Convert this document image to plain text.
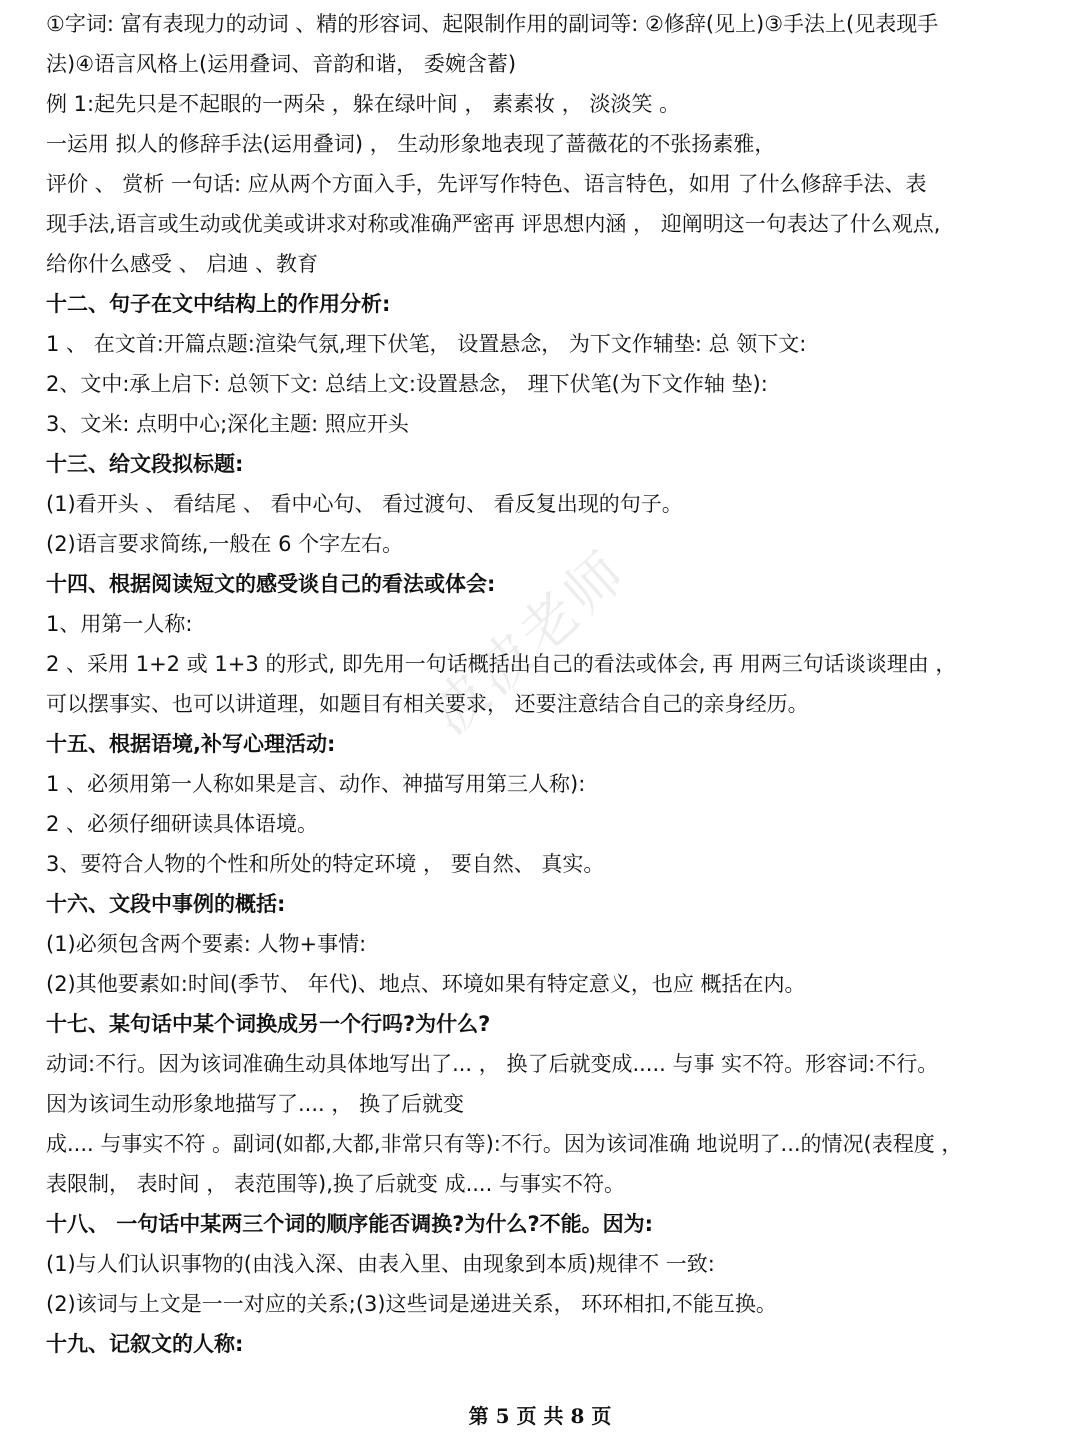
①字词: 富有表现力的动词 、精的形容词、起限制作用的副词等: ②修辞(见上)③手法上(见表现手
法)④语言风格上(运用叠词、音韵和谐， 委婉含蓄)
例 1:起先只是不起眼的一两朵 ，躲在绿叶间 ， 素素妆 ， 淡淡笑 。
一运用 拟人的修辞手法(运用叠词) ， 生动形象地表现了蔷薇花的不张扬素雅，
评价 、 赏析 一句话: 应从两个方面入手，先评写作特色、语言特色，如用 了什么修辞手法、表
现手法,语言或生动或优美或讲求对称或准确严密再 评思想内涵 ， 迎阐明这一句表达了什么观点,
给你什么感受 、 启迪 、教育
十二、句子在文中结构上的作用分析:
1 、 在文首:开篇点题:渲染气氛,理下伏笔， 设置悬念， 为下文作辅垫: 总 领下文:
2、文中:承上启下: 总领下文: 总结上文:设置悬念， 理下伏笔(为下文作轴 垫):
3、文米: 点明中心;深化主题: 照应开头
十三、给文段拟标题:
(1)看开头 、 看结尾 、 看中心句、 看过渡句、 看反复出现的句子。
(2)语言要求简练,一般在 6 个字左右。
十四、根据阅读短文的感受谈自己的看法或体会:
1、用第一人称:
2 、采用 1+2 或 1+3 的形式, 即先用一句话概括出自己的看法或体会, 再 用两三句话谈谈理由 ，
可以摆事实、也可以讲道理，如题目有相关要求， 还要注意结合自己的亲身经历。
十五、根据语境,补写心理活动:
1 、必须用第一人称如果是言、动作、神描写用第三人称):
2 、必须仔细研读具体语境。
3、要符合人物的个性和所处的特定环境 ， 要自然、 真实。
十六、文段中事例的概括:
(1)必须包含两个要素: 人物+事情:
(2)其他要素如:时间(季节、 年代)、地点、环境如果有特定意义，也应 概括在内。
十七、某句话中某个词换成另一个行吗?为什么?
动词:不行。因为该词准确生动具体地写出了... ， 换了后就变成..... 与事 实不符。形容词:不行。
因为该词生动形象地描写了.... ， 换了后就变
成.... 与事实不符 。副词(如都,大都,非常只有等):不行。因为该词准确 地说明了...的情况(表程度 ，
表限制， 表时间 ， 表范围等),换了后就变 成.... 与事实不符。
十八、 一句话中某两三个词的顺序能否调换?为什么?不能。因为:
(1)与人们认识事物的(由浅入深、由表入里、由现象到本质)规律不 一致:
(2)该词与上文是一一对应的关系;(3)这些词是递进关系， 环环相扣,不能互换。
十九、记叙文的人称:
波波老师
第 5 页 共 8 页
